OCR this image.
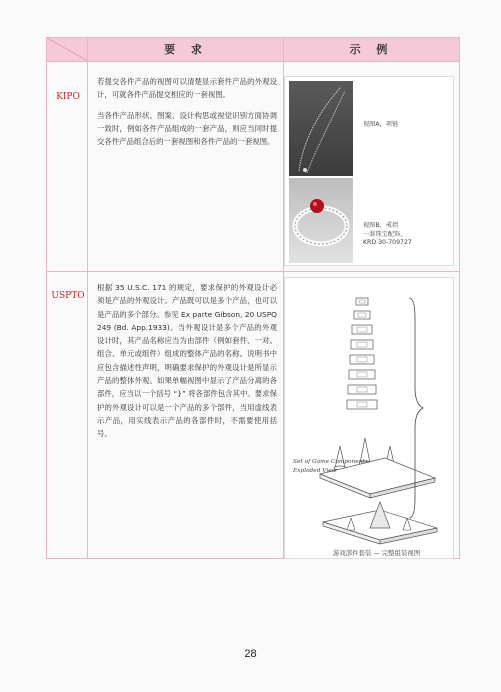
要 求	示 例
KIPO

若提交各件产品的视图可以清楚显示套件产品的外观设计，可就各件产品提交相应的一套视图。

当各件产品形状、图案、设计构思或视觉识别方面协调一致时，例如各件产品组成的一套产品，则应当同时提交各件产品组合后的一套视图和各件产品的一套视图。

视图A，项链
视图B，戒指
一套珠宝配饰，
KRD 30-709727
USPTO

根据 35 U.S.C. 171 的规定，要求保护的外观设计必须是产品的外观设计。产品既可以是多个产品，也可以是产品的多个部分。参见 Ex parte Gibson, 20 USPQ 249 (Bd. App.1933)。当外观设计是多个产品的外观设计时，其产品名称应当为由部件（例如套件、一对、组合、单元或组件）组成的整体产品的名称。说明书中应包含描述性声明，明确要求保护的外观设计是所显示产品的整体外观。如果单幅视图中显示了产品分离的各部件，应当以一个括号 “}” 将各部件包含其中。要求保护的外观设计可以是一个产品的多个部件，当用虚线表示产品，用实线表示产品的各部件时，不需要使用括号。

Set of Game Components-
Exploded View
游戏部件套装 — 完整组装视图
28
